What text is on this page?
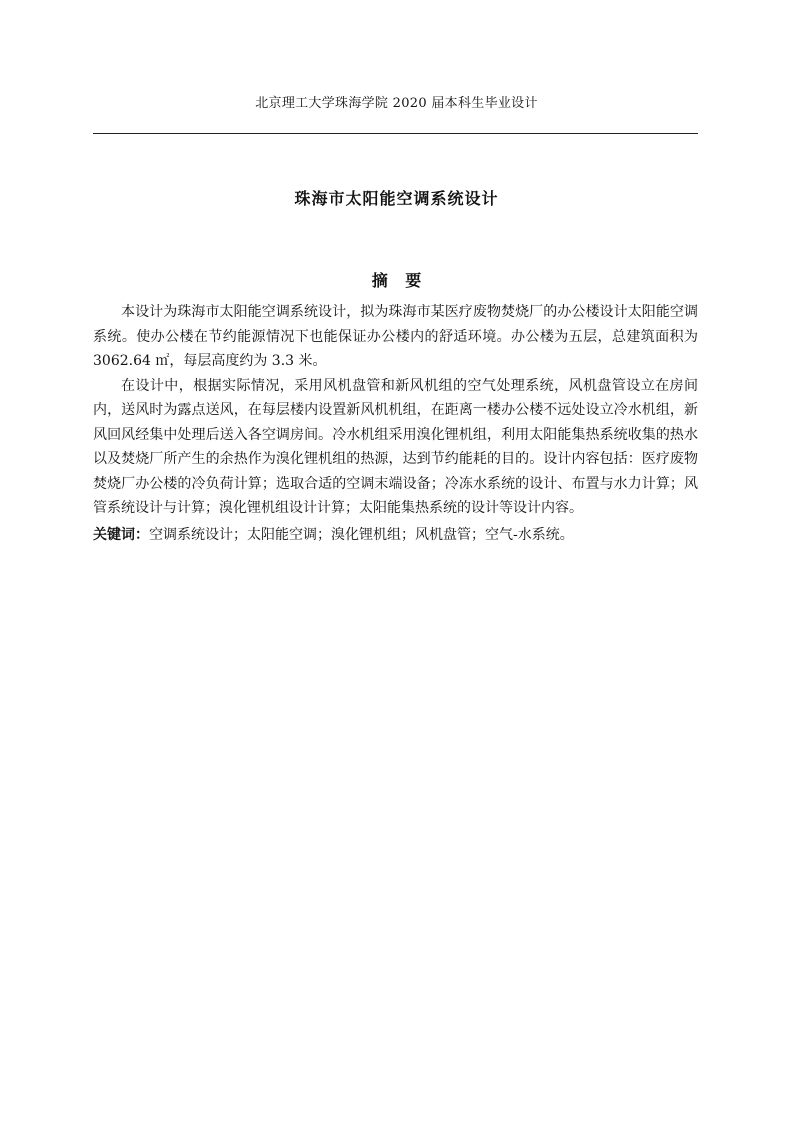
北京理工大学珠海学院 2020 届本科生毕业设计
珠海市太阳能空调系统设计
摘 要

本设计为珠海市太阳能空调系统设计，拟为珠海市某医疗废物焚烧厂的办公楼设计太阳能空调系统。使办公楼在节约能源情况下也能保证办公楼内的舒适环境。办公楼为五层，总建筑面积为 3062.64 ㎡，每层高度约为 3.3 米。

在设计中，根据实际情况，采用风机盘管和新风机组的空气处理系统，风机盘管设立在房间内，送风时为露点送风，在每层楼内设置新风机机组，在距离一楼办公楼不远处设立冷水机组，新风回风经集中处理后送入各空调房间。冷水机组采用溴化锂机组，利用太阳能集热系统收集的热水以及焚烧厂所产生的余热作为溴化锂机组的热源，达到节约能耗的目的。设计内容包括：医疗废物焚烧厂办公楼的冷负荷计算；选取合适的空调末端设备；冷冻水系统的设计、布置与水力计算；风管系统设计与计算；溴化锂机组设计计算；太阳能集热系统的设计等设计内容。

关键词：空调系统设计；太阳能空调；溴化锂机组；风机盘管；空气-水系统。
